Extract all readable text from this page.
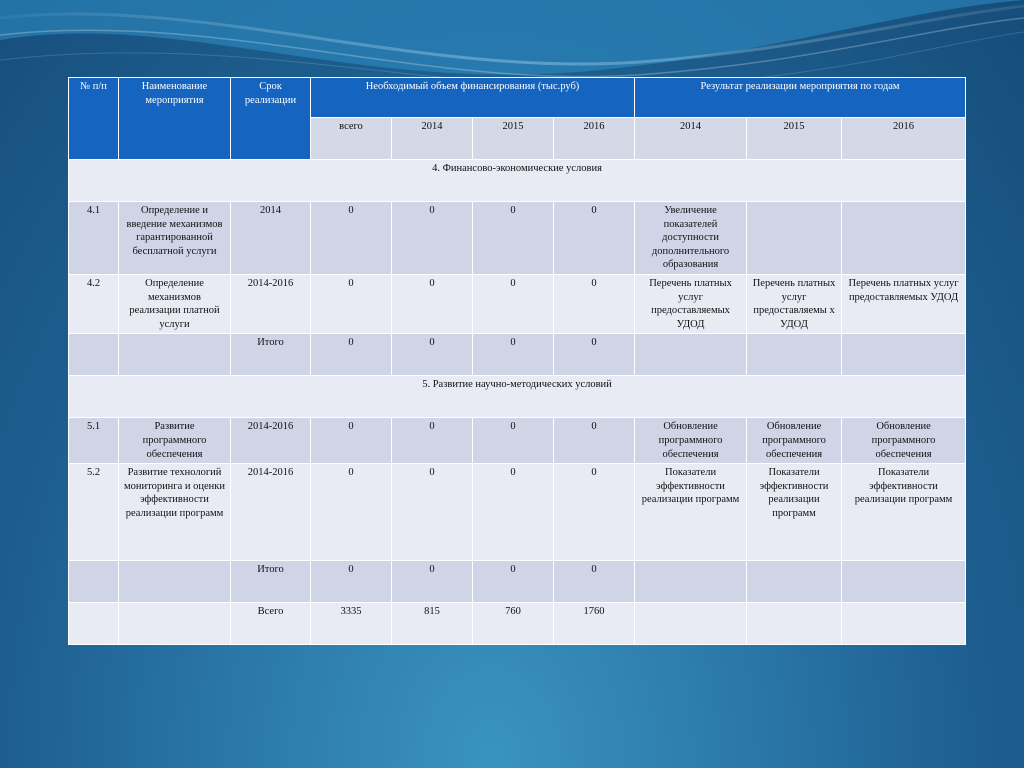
№ п/п	Наименование мероприятия	Срок реализации	Необходимый объем финансирования (тыс.руб)				Результат реализации мероприятия по годам		
			всего	2014	2015	2016	2014	2015	2016
4. Финансово-экономические условия									
4.1	Определение и введение механизмов гарантированной бесплатной услуги	2014	0	0	0	0	Увеличение показателей доступности дополнительного образования		
4.2	Определение механизмов реализации платной услуги	2014-2016	0	0	0	0	Перечень платных услуг предоставляемых УДОД	Перечень платных услуг предоставляемы х УДОД	Перечень платных услуг предоставляемых УДОД
		Итого	0	0	0	0			
5. Развитие научно-методических условий									
5.1	Развитие программного обеспечения	2014-2016	0	0	0	0	Обновление программного обеспечения	Обновление программного обеспечения	Обновление программного обеспечения
5.2	Развитие технологий мониторинга и оценки эффективности реализации программ	2014-2016	0	0	0	0	Показатели эффективности реализации программ	Показатели эффективности реализации программ	Показатели эффективности реализации программ
		Итого	0	0	0	0			
		Всего	3335	815	760	1760			
